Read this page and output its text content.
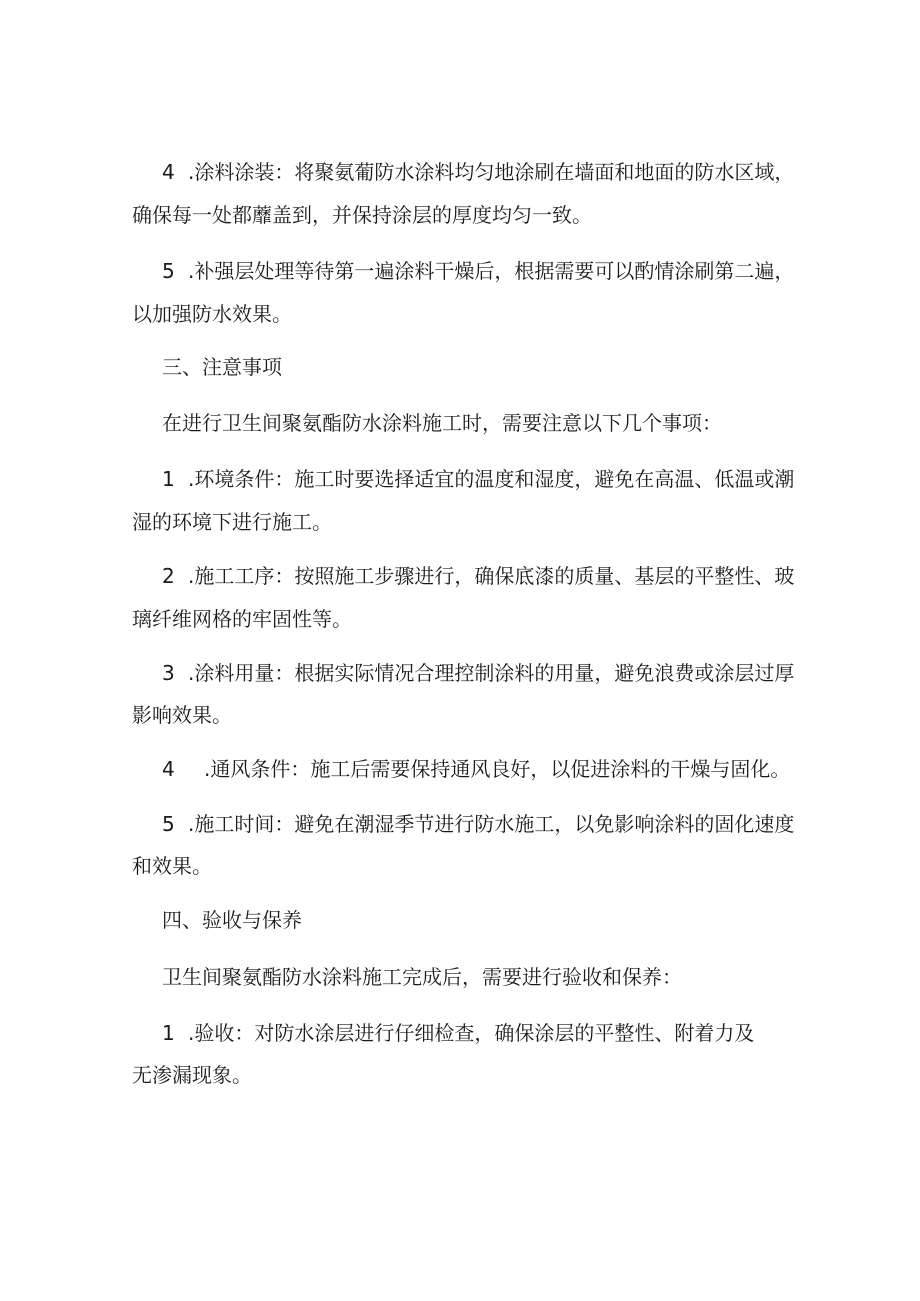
4 .涂料涂装：将聚氨葡防水涂料均匀地涂刷在墙面和地面的防水区域，
确保每一处都蘼盖到，并保持涂层的厚度均匀一致。
5 .补强层处理等待第一遍涂料干燥后，根据需要可以酌情涂刷第二遍，
以加强防水效果。
三、注意事项
在进行卫生间聚氨酯防水涂料施工时，需要注意以下几个事项：
1 .环境条件：施工时要选择适宜的温度和湿度，避免在高温、低温或潮
湿的环境下进行施工。
2 .施工工序：按照施工步骤进行，确保底漆的质量、基层的平整性、玻
璃纤维网格的牢固性等。
3 .涂料用量：根据实际情况合理控制涂料的用量，避免浪费或涂层过厚
影响效果。
4 .通风条件：施工后需要保持通风良好，以促进涂料的干燥与固化。
5 .施工时间：避免在潮湿季节进行防水施工，以免影响涂料的固化速度
和效果。
四、验收与保养
卫生间聚氨酯防水涂料施工完成后，需要进行验收和保养：
1 .验收：对防水涂层进行仔细检查，确保涂层的平整性、附着力及
无渗漏现象。
